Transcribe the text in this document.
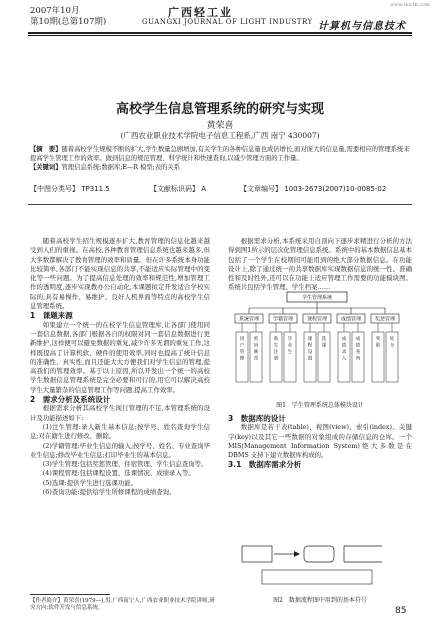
www.docin.com
2007年10月
第10期(总第107期)
广西轻工业
GUANGXI JOURNAL OF LIGHT INDUSTRY 计算机与信息技术
高校学生信息管理系统的研究与实现
黄荣喜
(广西农业职业技术学院电子信息工程系,广西 南宁 430007)
【摘　要】随着高校学生规模不断的扩大,学生数量急剧增加,有关学生的各种信息量也成倍增长,面对庞大的信息量,需要相应的管理系统来提高学生管理工作的效率。做到信息的规范管理、科学统计和快速查询,以减少管理方面的工作量。
【关键词】管理信息系统;数据库;E—R 模型;表的关系
【中图分类号】 TP311.5	【文献标识码】 A	【文章编号】 1003-2673(2007)10-0085-02

随着高校学生招生规模逐步扩大,教育管理的信息化越来越受到人们的重视。在高校,各种教育管理信息系统也越来越多,但大多数都解决了教育管理的效率和质量。但在许多系统本身功能比较简单,各部门不能实现信息的共享,不能适应实际管理中的变化等一些问题。为了提高信息处理的效率和规范性,增加管理工作的透明度,逐步实现教办公自动化,本课题拟定开发适合学校实际的,具有易操作、易维护、良好人机界面等特点的高校学生信息管理系统。

1　课题来源

如果建立一个统一的在校学生信息管理库,让各部门使用同一套信息数据,各部门根据各自的权限对同一套信息数据进行更新维护,这样便可以避免数据的重复,减少许多无谓的重复工作,这样既提高了计算机软、硬件的使用效率,同时也提高了统计信息的准确性、真实性,而且还能大大方便我们对学生信息的管理,提高我们的管理效率。基于以上原因,所以开发出一个统一的高校学生数据信息管理系统是完全必要和可行的,用它可以解决高校学生大量繁杂的信息管理工作等问题,提高工作效率。

2　需求分析及系统设计

根据需求分析其高校学生现行管理的不足,本管理系统的设计及功能描述如下:

(1)注生管理:录入新生基本信息;按学号、姓名查询学生信息;对在籍生进行修改、删除。

(2)学籍管理:毕业生信息的输入;按学号、姓名、专业查询毕业生信息;修改毕业生信息;打印毕业生的基本信息。

(3)学生管理:包括奖惩管理、住宿管理、学生信息查询等。

(4)课程管理:包括课程设置、选课情况、成绩录入等。

(5)选课:提供学生进行选课功能。

(6)查询功能:提供给学生所修课程的成绩查询。

根据需求分析,本系统采用自顶向下逐步求精进行分析的方法得到图1所示的层次化管理信息系统。系统中的基本数据信息基本包括了一个学生在校期间可能用到的绝大部分数据信息。在功能设计上,除了通过统一的共享数据库实现数据信息的统一性、准确性和及时性外,还可以在功能上适应管理工作需要的功能模块图。系统共包括学生管理、学生档案……

学生管理系统
系统管理	学籍管理	课程管理	成绩管理	奖惩管理
用
户
管
理
密
码
修
改
新
生
注
册
毕
业
生
课
程
设
置
选
课
成
绩
录
入
成
绩
查
询
奖
励
处
分
图1　学生管理系统总体模块设计

3　数据库的设计

数据库是若干表(table)、视图(view)、索引(index)、关键字(key)以及其它一些数据的对象组成的存储信息的仓库。一个 MIS(Management Information System)绝大多数是在 DBMS 支持下建立数据库构成的。

3.1　数据库需求分析

图2　数据流程图中用到的基本符号
【作者简介】黄荣喜(1979—),男,广西南宁人,广西农业职业技术学院讲师,研究方向:软件开发与信息系统。	85
